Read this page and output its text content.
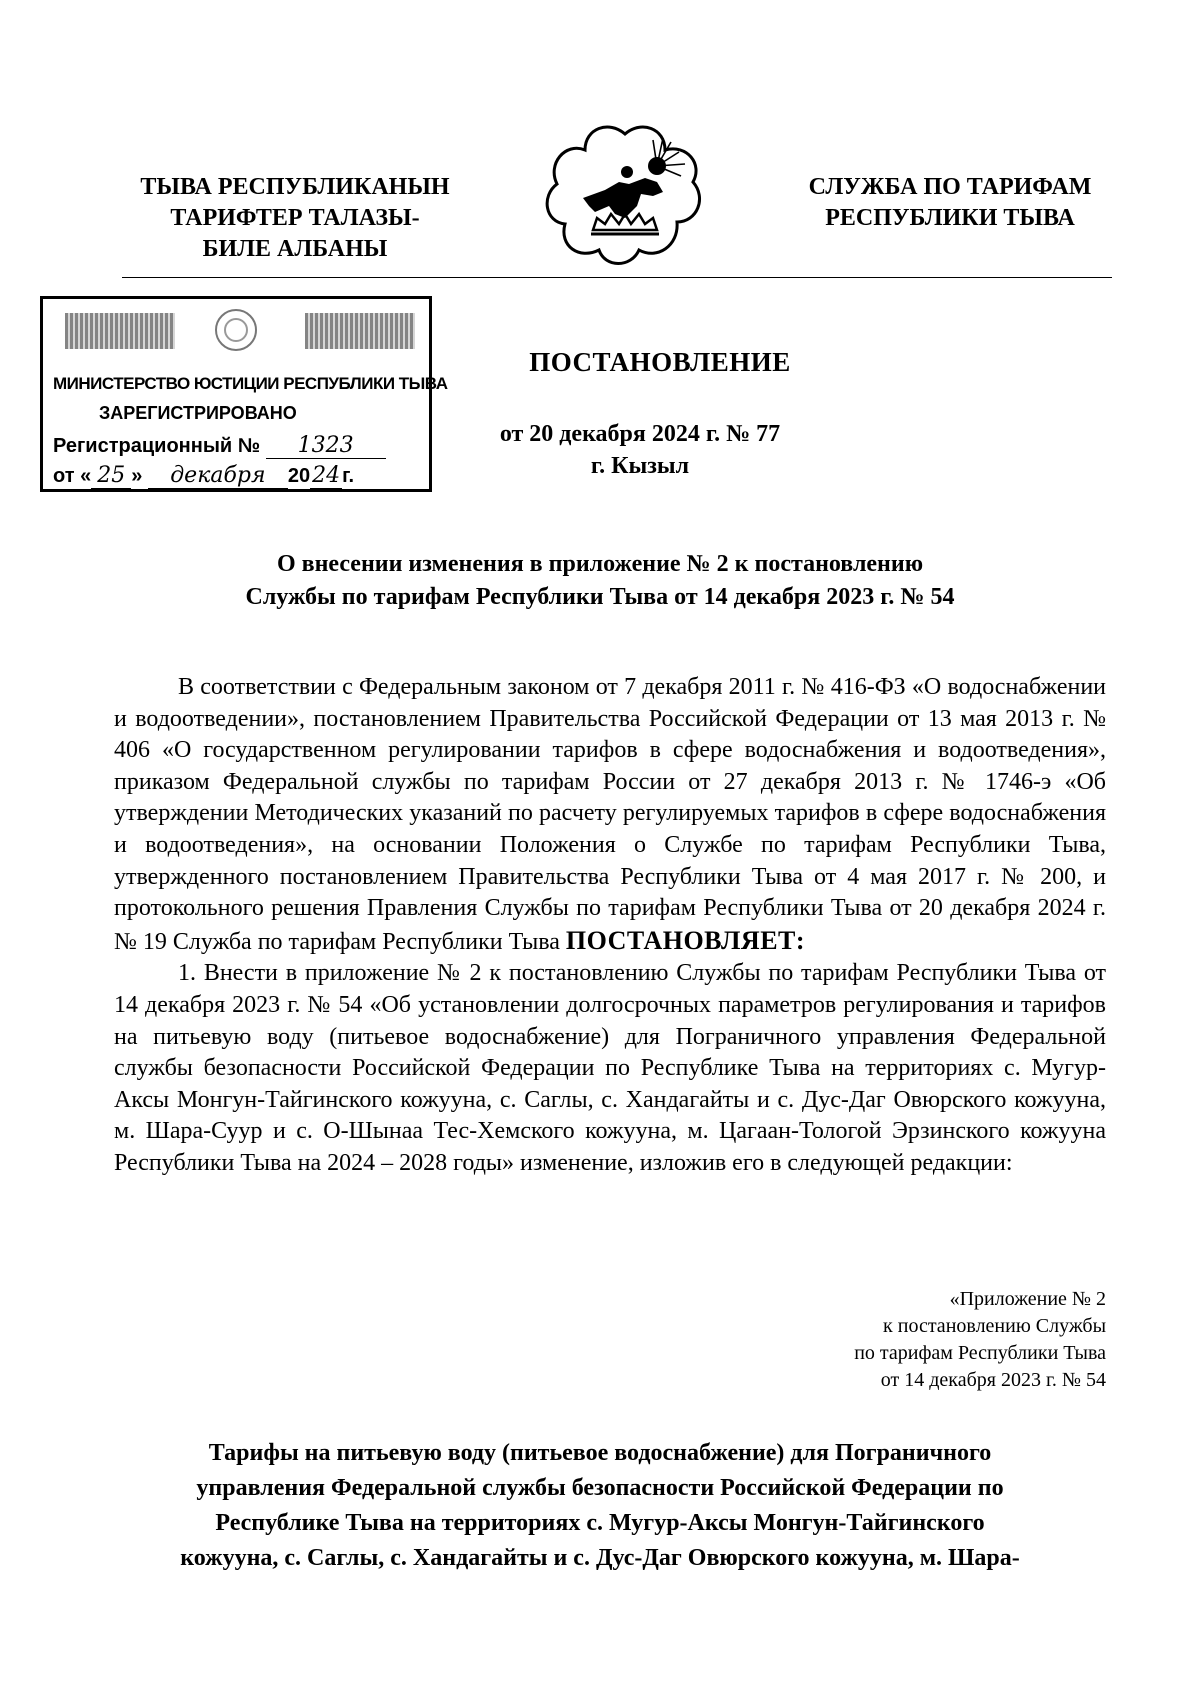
ТЫВА РЕСПУБЛИКАНЫН
ТАРИФТЕР ТАЛАЗЫ-
БИЛЕ АЛБАНЫ
СЛУЖБА ПО ТАРИФАМ
РЕСПУБЛИКИ ТЫВА
МИНИСТЕРСТВО ЮСТИЦИИ РЕСПУБЛИКИ ТЫВА
ЗАРЕГИСТРИРОВАНО
Регистрационный № 1323
от « 25 » декабря 2024 г.
ПОСТАНОВЛЕНИЕ
от 20 декабря 2024 г. № 77
г. Кызыл
О внесении изменения в приложение № 2 к постановлению
Службы по тарифам Республики Тыва от 14 декабря 2023 г. № 54

В соответствии с Федеральным законом от 7 декабря 2011 г. № 416-ФЗ «О водоснабжении и водоотведении», постановлением Правительства Российской Федерации от 13 мая 2013 г. № 406 «О государственном регулировании тарифов в сфере водоснабжения и водоотведения», приказом Федеральной службы по тарифам России от 27 декабря 2013 г. № 1746-э «Об утверждении Методических указаний по расчету регулируемых тарифов в сфере водоснабжения и водоотведения», на основании Положения о Службе по тарифам Республики Тыва, утвержденного постановлением Правительства Республики Тыва от 4 мая 2017 г. № 200, и протокольного решения Правления Службы по тарифам Республики Тыва от 20 декабря 2024 г. № 19 Служба по тарифам Республики Тыва ПОСТАНОВЛЯЕТ:

1. Внести в приложение № 2 к постановлению Службы по тарифам Республики Тыва от 14 декабря 2023 г. № 54 «Об установлении долгосрочных параметров регулирования и тарифов на питьевую воду (питьевое водоснабжение) для Пограничного управления Федеральной службы безопасности Российской Федерации по Республике Тыва на территориях с. Мугур-Аксы Монгун-Тайгинского кожууна, с. Саглы, с. Хандагайты и с. Дус-Даг Овюрского кожууна, м. Шара-Суур и с. О-Шынаа Тес-Хемского кожууна, м. Цагаан-Тологой Эрзинского кожууна Республики Тыва на 2024 – 2028 годы» изменение, изложив его в следующей редакции:

«Приложение № 2
к постановлению Службы
по тарифам Республики Тыва
от 14 декабря 2023 г. № 54
Тарифы на питьевую воду (питьевое водоснабжение) для Пограничного
управления Федеральной службы безопасности Российской Федерации по
Республике Тыва на территориях с. Мугур-Аксы Монгун-Тайгинского
кожууна, с. Саглы, с. Хандагайты и с. Дус-Даг Овюрского кожууна, м. Шара-
